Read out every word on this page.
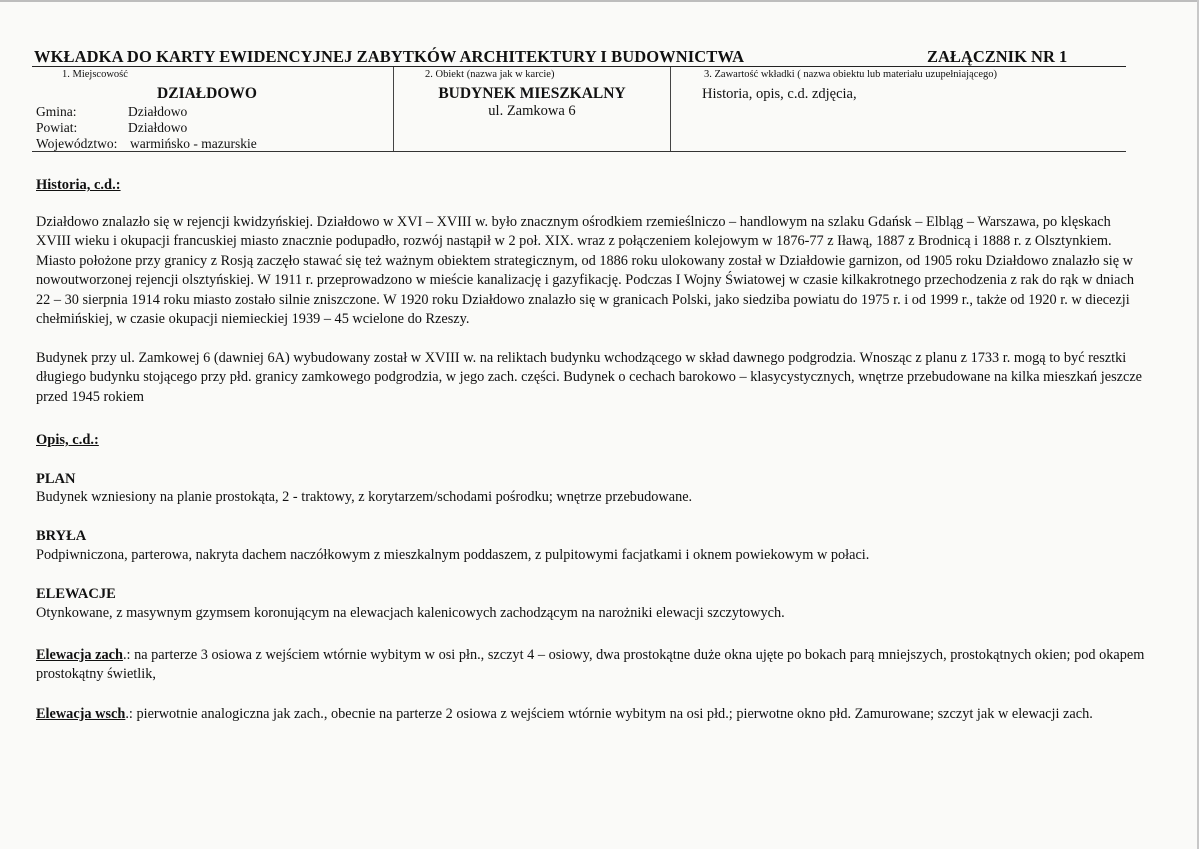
WKŁADKA DO KARTY EWIDENCYJNEJ ZABYTKÓW ARCHITEKTURY I BUDOWNICTWA	ZAŁĄCZNIK NR 1
1. Miejscowość
DZIAŁDOWO
Gmina:	Działdowo
Powiat:	Działdowo
Województwo: warmińsko - mazurskie
2. Obiekt (nazwa jak w karcie)
BUDYNEK MIESZKALNY
ul. Zamkowa 6
3. Zawartość wkładki ( nazwa obiektu lub materiału uzupełniającego)
Historia, opis, c.d. zdjęcia,
Historia, c.d.:

Działdowo znalazło się w rejencji kwidzyńskiej. Działdowo w XVI – XVIII w. było znacznym ośrodkiem rzemieślniczo – handlowym na szlaku Gdańsk – Elbląg – Warszawa, po klęskach XVIII wieku i okupacji francuskiej miasto znacznie podupadło, rozwój nastąpił w 2 poł. XIX. wraz z połączeniem kolejowym w 1876-77 z Iławą, 1887 z Brodnicą i 1888 r. z Olsztynkiem. Miasto położone przy granicy z Rosją zaczęło stawać się też ważnym obiektem strategicznym, od 1886 roku ulokowany został w Działdowie garnizon, od 1905 roku Działdowo znalazło się w nowoutworzonej rejencji olsztyńskiej. W 1911 r. przeprowadzono w mieście kanalizację i gazyfikację. Podczas I Wojny Światowej w czasie kilkakrotnego przechodzenia z rak do rąk w dniach 22 – 30 sierpnia 1914 roku miasto zostało silnie zniszczone. W 1920 roku Działdowo znalazło się w granicach Polski, jako siedziba powiatu do 1975 r. i od 1999 r., także od 1920 r. w diecezji chełmińskiej, w czasie okupacji niemieckiej 1939 – 45 wcielone do Rzeszy.

Budynek przy ul. Zamkowej 6 (dawniej 6A) wybudowany został w XVIII w. na reliktach budynku wchodzącego w skład dawnego podgrodzia. Wnosząc z planu z 1733 r. mogą to być resztki długiego budynku stojącego przy płd. granicy zamkowego podgrodzia, w jego zach. części. Budynek o cechach barokowo – klasycystycznych, wnętrze przebudowane na kilka mieszkań jeszcze przed 1945 rokiem

Opis, c.d.:
PLAN

Budynek wzniesiony na planie prostokąta, 2 - traktowy, z korytarzem/schodami pośrodku; wnętrze przebudowane.

BRYŁA

Podpiwniczona, parterowa, nakryta dachem naczółkowym z mieszkalnym poddaszem, z pulpitowymi facjatkami i oknem powiekowym w połaci.

ELEWACJE

Otynkowane, z masywnym gzymsem koronującym na elewacjach kalenicowych zachodzącym na narożniki elewacji szczytowych.

Elewacja zach.: na parterze 3 osiowa z wejściem wtórnie wybitym w osi płn., szczyt 4 – osiowy, dwa prostokątne duże okna ujęte po bokach parą mniejszych, prostokątnych okien; pod okapem prostokątny świetlik,

Elewacja wsch.: pierwotnie analogiczna jak zach., obecnie na parterze 2 osiowa z wejściem wtórnie wybitym na osi płd.; pierwotne okno płd. Zamurowane; szczyt jak w elewacji zach.
